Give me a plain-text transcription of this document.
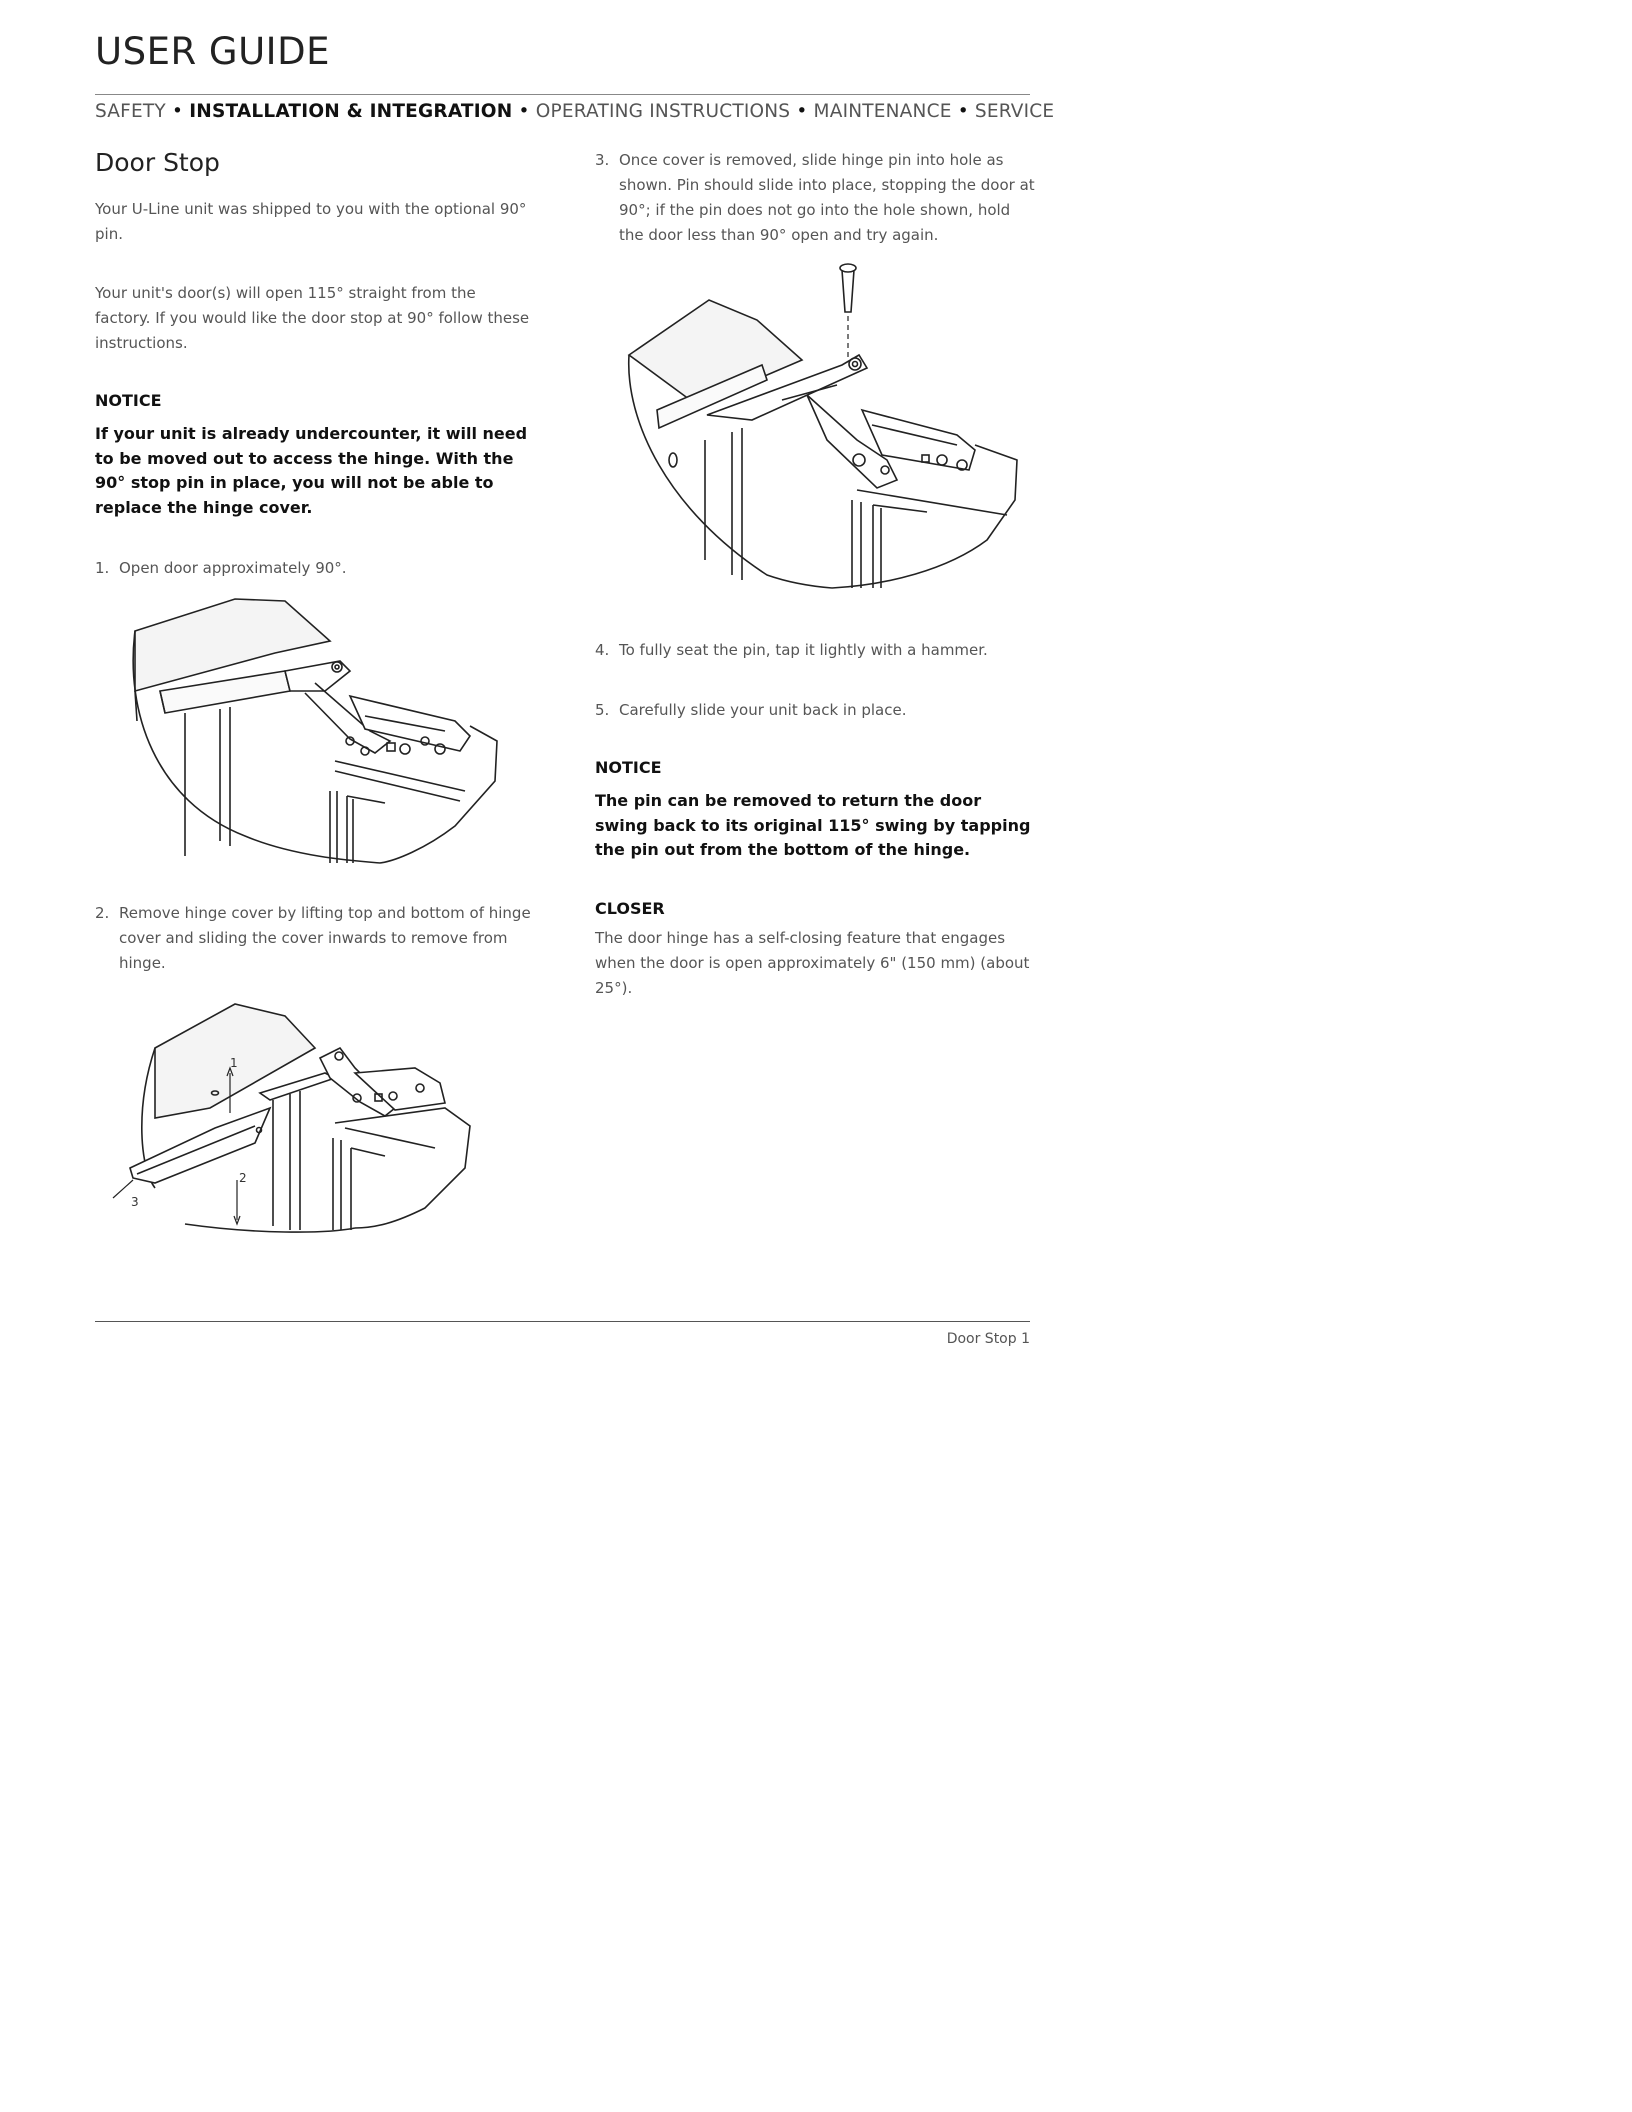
USER GUIDE
SAFETY • INSTALLATION & INTEGRATION • OPERATING INSTRUCTIONS • MAINTENANCE • SERVICE
Door Stop

Your U-Line unit was shipped to you with the optional 90° pin.

Your unit's door(s) will open 115° straight from the factory. If you would like the door stop at 90° follow these instructions.

NOTICE

If your unit is already undercounter, it will need to be moved out to access the hinge. With the 90° stop pin in place, you will not be able to replace the hinge cover.

1. Open door approximately 90°.
2. Remove hinge cover by lifting top and bottom of hinge cover and sliding the cover inwards to remove from hinge.
1
2
3
3. Once cover is removed, slide hinge pin into hole as shown. Pin should slide into place, stopping the door at 90°; if the pin does not go into the hole shown, hold the door less than 90° open and try again.
4. To fully seat the pin, tap it lightly with a hammer.
5. Carefully slide your unit back in place.

NOTICE

The pin can be removed to return the door swing back to its original 115° swing by tapping the pin out from the bottom of the hinge.

CLOSER

The door hinge has a self-closing feature that engages when the door is open approximately 6" (150 mm) (about 25°).

Door Stop 1
